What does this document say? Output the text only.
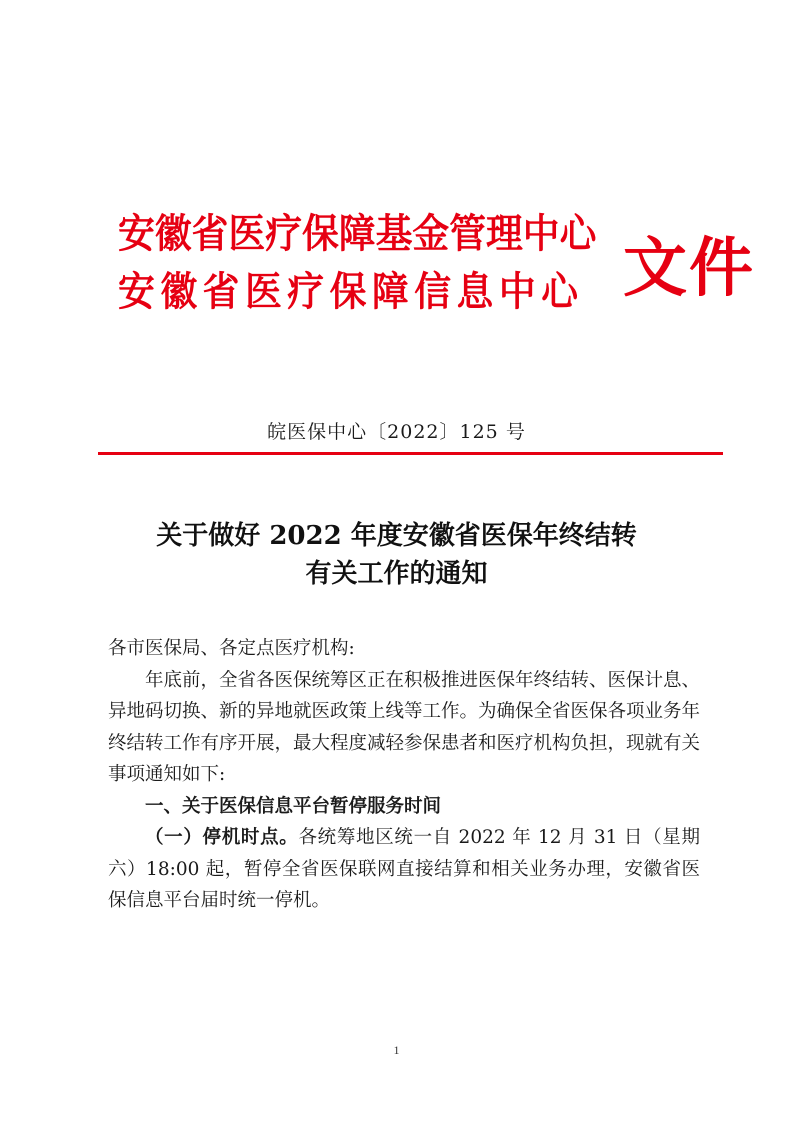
安徽省医疗保障基金管理中心
安徽省医疗保障信息中心 文件
皖医保中心〔2022〕125 号
关于做好 2022 年度安徽省医保年终结转
有关工作的通知

各市医保局、各定点医疗机构:

年底前，全省各医保统筹区正在积极推进医保年终结转、医保计息、异地码切换、新的异地就医政策上线等工作。为确保全省医保各项业务年终结转工作有序开展，最大程度减轻参保患者和医疗机构负担，现就有关事项通知如下:

一、关于医保信息平台暂停服务时间

（一）停机时点。各统筹地区统一自 2022 年 12 月 31 日（星期六）18:00 起，暂停全省医保联网直接结算和相关业务办理，安徽省医保信息平台届时统一停机。

1
